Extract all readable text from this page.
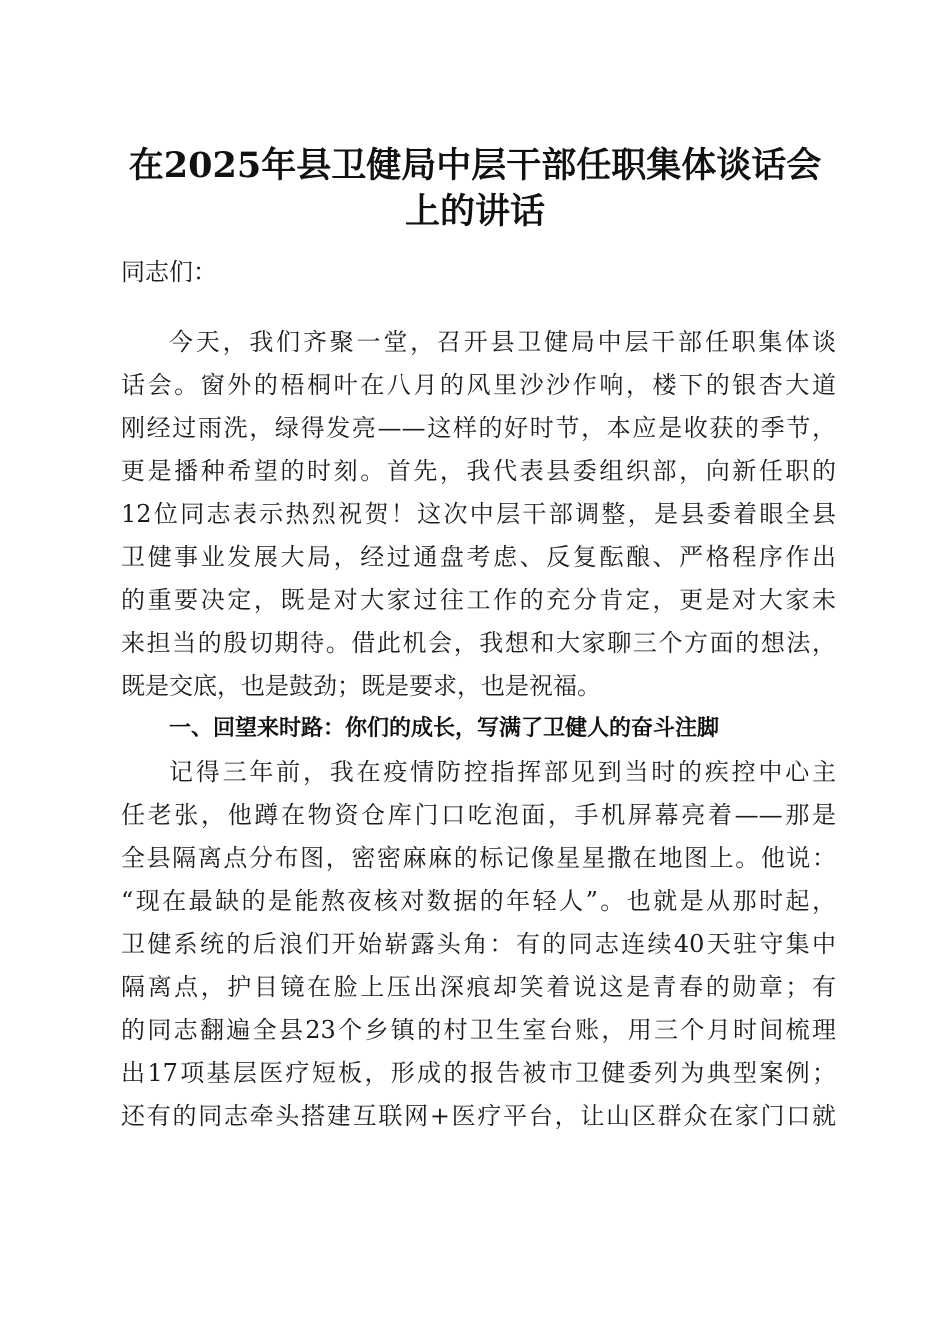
在2025年县卫健局中层干部任职集体谈话会
上的讲话
同志们：
今天，我们齐聚一堂，召开县卫健局中层干部任职集体谈
话会。窗外的梧桐叶在八月的风里沙沙作响，楼下的银杏大道
刚经过雨洗，绿得发亮——这样的好时节，本应是收获的季节，
更是播种希望的时刻。首先，我代表县委组织部，向新任职的
12位同志表示热烈祝贺！这次中层干部调整，是县委着眼全县
卫健事业发展大局，经过通盘考虑、反复酝酿、严格程序作出
的重要决定，既是对大家过往工作的充分肯定，更是对大家未
来担当的殷切期待。借此机会，我想和大家聊三个方面的想法，
既是交底，也是鼓劲；既是要求，也是祝福。
一、回望来时路：你们的成长，写满了卫健人的奋斗注脚
记得三年前，我在疫情防控指挥部见到当时的疾控中心主
任老张，他蹲在物资仓库门口吃泡面，手机屏幕亮着——那是
全县隔离点分布图，密密麻麻的标记像星星撒在地图上。他说：
“现在最缺的是能熬夜核对数据的年轻人”。也就是从那时起，
卫健系统的后浪们开始崭露头角：有的同志连续40天驻守集中
隔离点，护目镜在脸上压出深痕却笑着说这是青春的勋章；有
的同志翻遍全县23个乡镇的村卫生室台账，用三个月时间梳理
出17项基层医疗短板，形成的报告被市卫健委列为典型案例；
还有的同志牵头搭建互联网+医疗平台，让山区群众在家门口就
